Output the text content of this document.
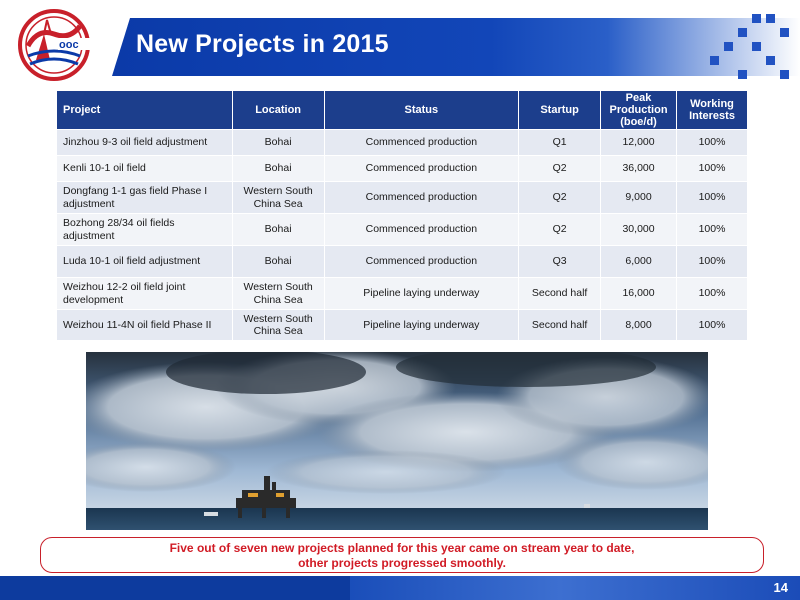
ooc New Projects in 2015
Project	Location	Status	Startup	Peak Production (boe/d)	Working Interests
Jinzhou 9-3 oil field adjustment	Bohai	Commenced production	Q1	12,000	100%
Kenli 10-1 oil field	Bohai	Commenced production	Q2	36,000	100%
Dongfang 1-1 gas field Phase I adjustment	Western South China Sea	Commenced production	Q2	9,000	100%
Bozhong 28/34 oil fields adjustment	Bohai	Commenced production	Q2	30,000	100%
Luda 10-1 oil field adjustment	Bohai	Commenced production	Q3	6,000	100%
Weizhou 12-2 oil field joint development	Western South China Sea	Pipeline laying underway	Second half	16,000	100%
Weizhou 11-4N oil field Phase II	Western South China Sea	Pipeline laying underway	Second half	8,000	100%
Five out of seven new projects planned for this year came on stream year to date,
other projects progressed smoothly.
14
